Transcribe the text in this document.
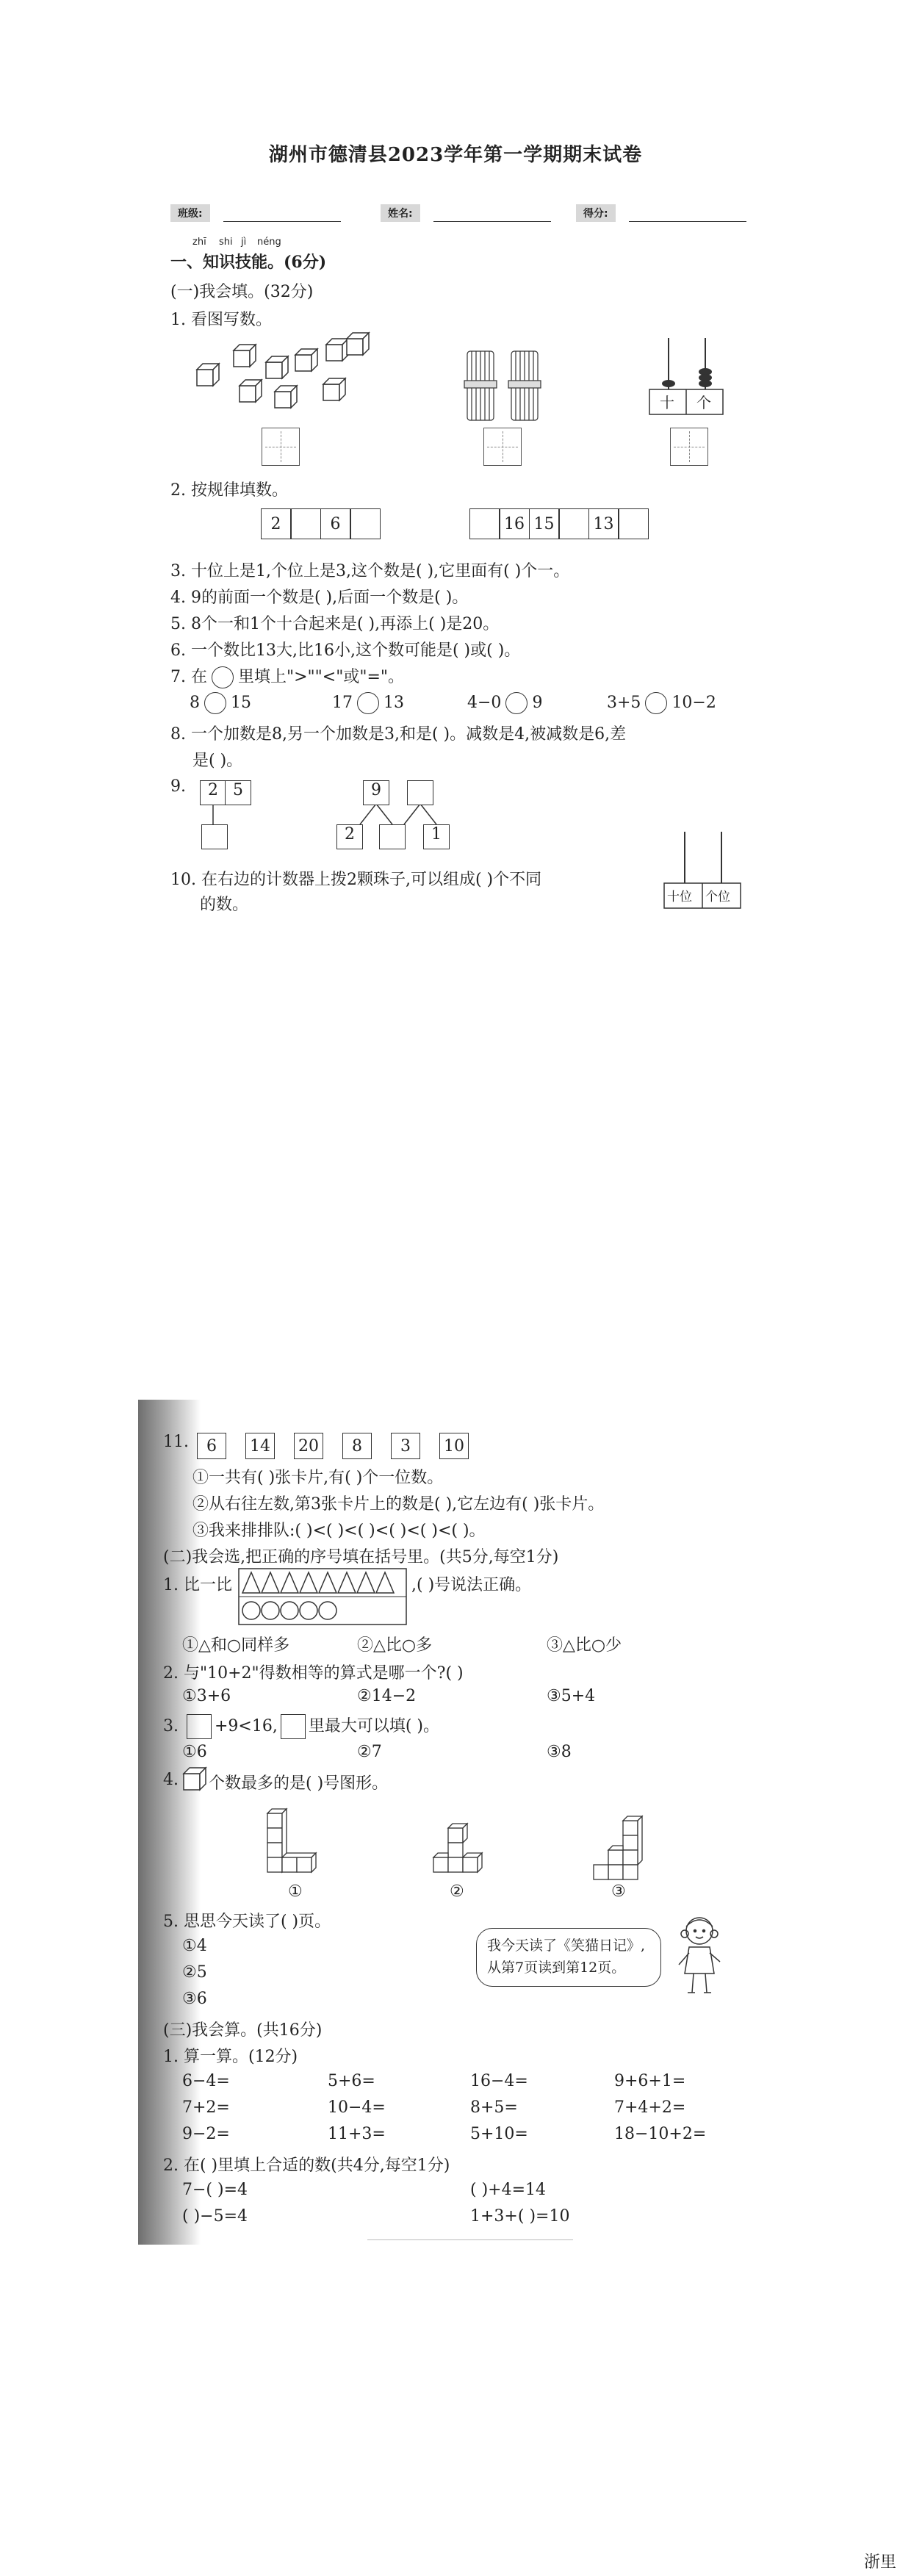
湖州市德清县2023学年第一学期期末试卷
班级:	姓名:	得分:
zhī shi jì néng
一、知识技能。(6分)
(一)我会填。(32分)
1. 看图写数。
十 个
2. 按规律填数。
2	6	16 15	13
3. 十位上是1,个位上是3,这个数是( ),它里面有( )个一。
4. 9的前面一个数是( ),后面一个数是( )。
5. 8个一和1个十合起来是( ),再添上( )是20。
6. 一个数比13大,比16小,这个数可能是( )或( )。
7. 在 里填上">""<"或"="。
8 15	17 13	4−0 9	3+5 10−2
8. 一个加数是8,另一个加数是3,和是( )。减数是4,被减数是6,差
是( )。
9.	2 5	9
2	1
10. 在右边的计数器上拨2颗珠子,可以组成( )个不同
的数。	十位 个位
11.	6	14 20	8	3	10
①一共有( )张卡片,有( )个一位数。
②从右往左数,第3张卡片上的数是( ),它左边有( )张卡片。
③我来排排队:( )<( )<( )<( )<( )<( )。
(二)我会选,把正确的序号填在括号里。(共5分,每空1分)
1. 比一比	,( )号说法正确。
①△和○同样多	②△比○多	③△比○少
2. 与"10+2"得数相等的算式是哪一个?( )
①3+6	②14−2	③5+4
3. +9<16, 里最大可以填( )。
①6	②7	③8
4. 个数最多的是( )号图形。
①	②	③
5. 思思今天读了( )页。
①4
②5
③6
我今天读了《笑猫日记》,
从第7页读到第12页。
(三)我会算。(共16分)
1. 算一算。(12分)
6−4=	5+6=	16−4=	9+6+1=
7+2=	10−4=	8+5=	7+4+2=
9−2=	11+3=	5+10=	18−10+2=
2. 在( )里填上合适的数(共4分,每空1分)
7−( )=4	( )+4=14
( )−5=4	1+3+( )=10
浙里
